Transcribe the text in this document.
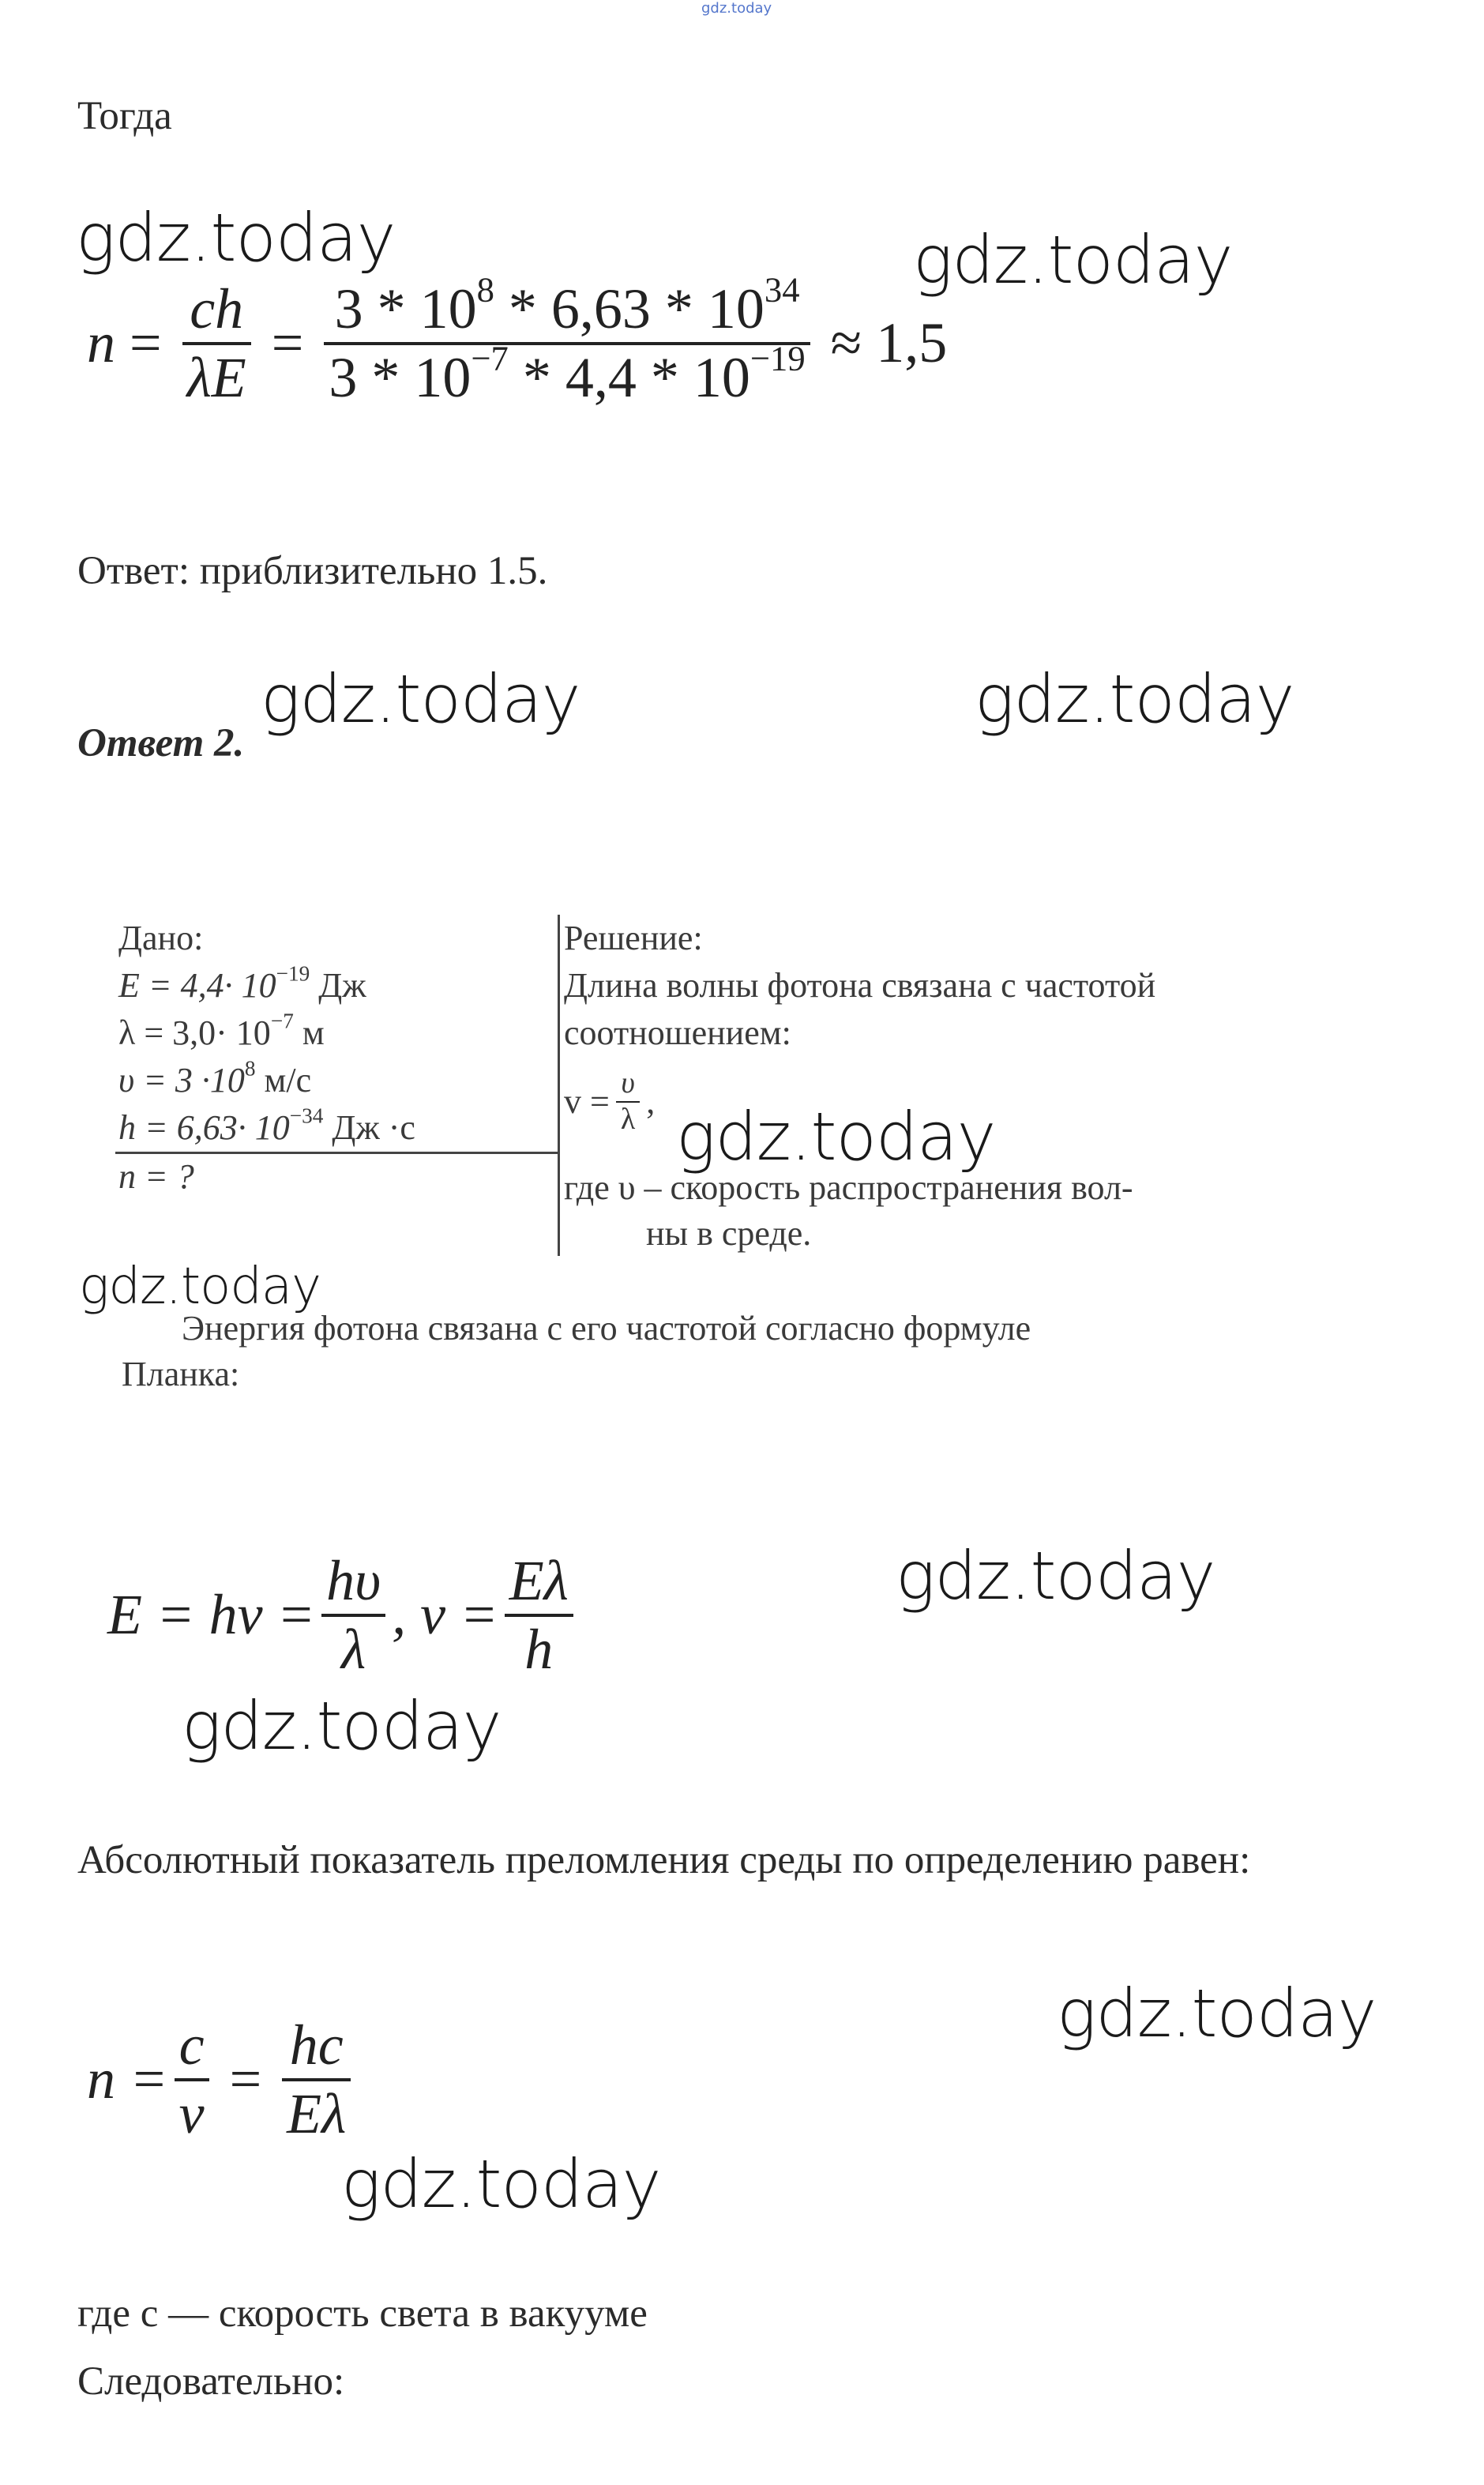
gdz.today
Тогда
gdz.today	gdz.today
gdz.today	gdz.today
gdz.today
gdz.today
gdz.today
gdz.today
gdz.today
gdz.today
$n = \frac{ch}{\lambda E} = \frac{3 * 10^8 * 6,63 * 10^{34}}{3 * 10^{-7} * 4,4 * 10^{-19}} \approx 1,5$
Ответ: приблизительно 1.5.
Ответ 2.
Дано:
$E = 4,4\cdot 10^{-19}$ Дж
$\lambda = 3,0\cdot 10^{-7}$ м
$\upsilon = 3 \cdot 10^8$ м/с
$h = 6,63\cdot 10^{-34}$ Дж ·с
n = ?
Решение:
Длина волны фотона связана с частотой
соотношением:
$v = \frac{\upsilon}{\lambda}$ ,
где υ – скорость распространения вол-
ны в среде.
Энергия фотона связана с его частотой согласно формуле
Планка:
$E = h\nu = \frac{h\upsilon}{\lambda}$ , $\nu = \frac{E\lambda}{h}$
Абсолютный показатель преломления среды по определению равен:
$n = \frac{c}{\nu} = \frac{hc}{E\lambda}$
где с — скорость света в вакууме
Следовательно:
